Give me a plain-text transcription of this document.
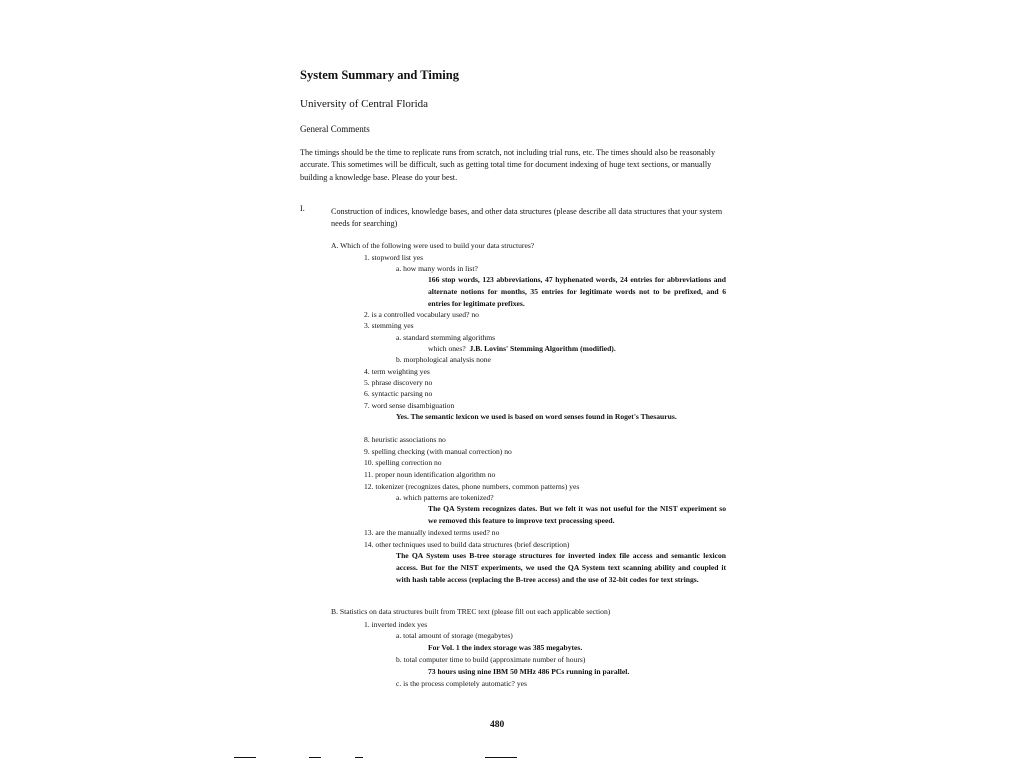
System Summary and Timing
University of Central Florida
General Comments
The timings should be the time to replicate runs from scratch, not including trial runs, etc. The times should also be reasonably accurate. This sometimes will be difficult, such as getting total time for document indexing of huge text sections, or manually building a knowledge base. Please do your best.
I.	Construction of indices, knowledge bases, and other data structures (please describe all data structures that your system needs for searching)
A. Which of the following were used to build your data structures?
1. stopword list yes
a. how many words in list?
166 stop words, 123 abbreviations, 47 hyphenated words, 24 entries for abbreviations and alternate notions for months, 35 entries for legitimate words not to be prefixed, and 6 entries for legitimate prefixes.
2. is a controlled vocabulary used? no
3. stemming yes
a. standard stemming algorithms
which ones? J.B. Lovins' Stemming Algorithm (modified).
b. morphological analysis none
4. term weighting yes
5. phrase discovery no
6. syntactic parsing no
7. word sense disambiguation
Yes. The semantic lexicon we used is based on word senses found in Roget's Thesaurus.
8. heuristic associations no
9. spelling checking (with manual correction) no
10. spelling correction no
11. proper noun identification algorithm no
12. tokenizer (recognizes dates, phone numbers, common patterns) yes
a. which patterns are tokenized?
The QA System recognizes dates. But we felt it was not useful for the NIST experiment so we removed this feature to improve text processing speed.
13. are the manually indexed terms used? no
14. other techniques used to build data structures (brief description)
The QA System uses B-tree storage structures for inverted index file access and semantic lexicon access. But for the NIST experiments, we used the QA System text scanning ability and coupled it with hash table access (replacing the B-tree access) and the use of 32-bit codes for text strings.
B. Statistics on data structures built from TREC text (please fill out each applicable section)
1. inverted index yes
a. total amount of storage (megabytes)
For Vol. 1 the index storage was 385 megabytes.
b. total computer time to build (approximate number of hours)
73 hours using nine IBM 50 MHz 486 PCs running in parallel.
c. is the process completely automatic? yes
480
